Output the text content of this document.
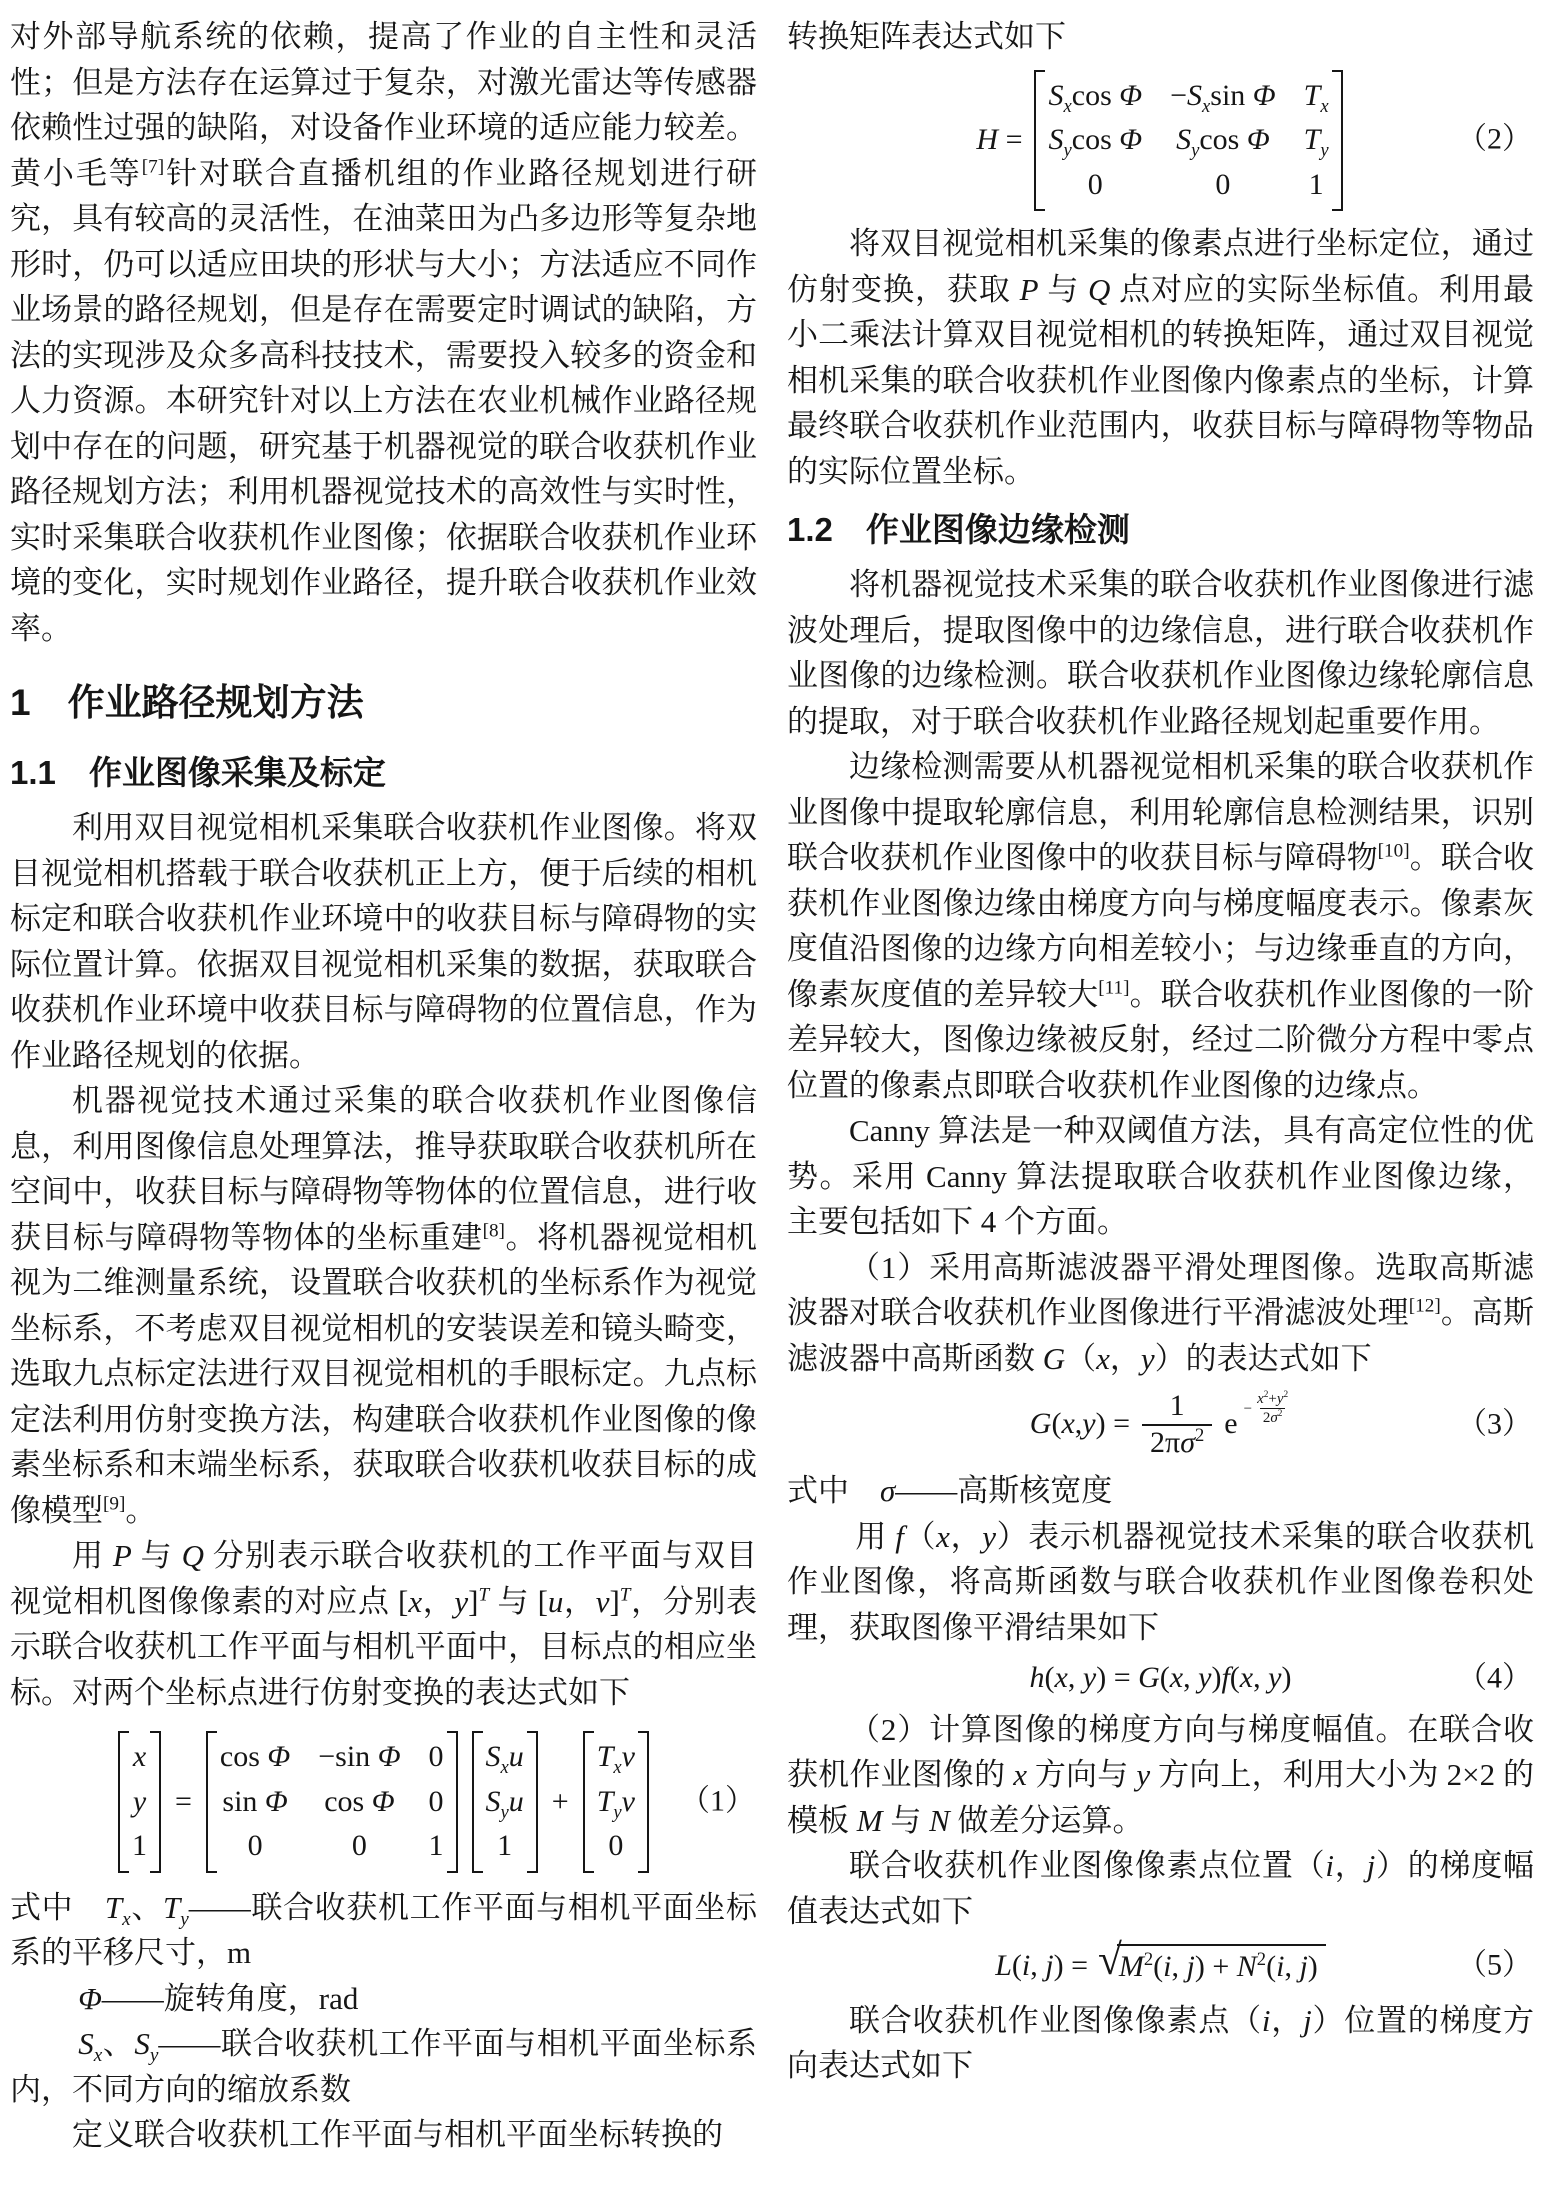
对外部导航系统的依赖，提高了作业的自主性和灵活性；但是方法存在运算过于复杂，对激光雷达等传感器依赖性过强的缺陷，对设备作业环境的适应能力较差。黄小毛等[7]针对联合直播机组的作业路径规划进行研究，具有较高的灵活性，在油菜田为凸多边形等复杂地形时，仍可以适应田块的形状与大小；方法适应不同作业场景的路径规划，但是存在需要定时调试的缺陷，方法的实现涉及众多高科技技术，需要投入较多的资金和人力资源。本研究针对以上方法在农业机械作业路径规划中存在的问题，研究基于机器视觉的联合收获机作业路径规划方法；利用机器视觉技术的高效性与实时性，实时采集联合收获机作业图像；依据联合收获机作业环境的变化，实时规划作业路径，提升联合收获机作业效率。

1　作业路径规划方法
1.1　作业图像采集及标定

利用双目视觉相机采集联合收获机作业图像。将双目视觉相机搭载于联合收获机正上方，便于后续的相机标定和联合收获机作业环境中的收获目标与障碍物的实际位置计算。依据双目视觉相机采集的数据，获取联合收获机作业环境中收获目标与障碍物的位置信息，作为作业路径规划的依据。

机器视觉技术通过采集的联合收获机作业图像信息，利用图像信息处理算法，推导获取联合收获机所在空间中，收获目标与障碍物等物体的位置信息，进行收获目标与障碍物等物体的坐标重建[8]。将机器视觉相机视为二维测量系统，设置联合收获机的坐标系作为视觉坐标系，不考虑双目视觉相机的安装误差和镜头畸变，选取九点标定法进行双目视觉相机的手眼标定。九点标定法利用仿射变换方法，构建联合收获机作业图像的像素坐标系和末端坐标系，获取联合收获机收获目标的成像模型[9]。

用 P 与 Q 分别表示联合收获机的工作平面与双目视觉相机图像像素的对应点 [x，y]$^T$ 与 [u，v]$^T$，分别表示联合收获机工作平面与相机平面中，目标点的相应坐标。对两个坐标点进行仿射变换的表达式如下

x
y
1
=
cos Φ −sin Φ 0
sin Φ cos Φ 0
0	0 1
$S_xu$
$S_yu$
1
+
$T_xv$
$T_yv$
0
（1）

式中　$T_x$、$T_y——$联合收获机工作平面与相机平面坐标系的平移尺寸，m

Φ——旋转角度，rad

$S_x$、$S_y——$联合收获机工作平面与相机平面坐标系内，不同方向的缩放系数

定义联合收获机工作平面与相机平面坐标转换的

转换矩阵表达式如下

H =
$S_x\cos$ $\Phi -S_x\sin$ Φ $T_x$
$S_y\cos$ Φ $S_y\cos$ Φ $T_y$
0	0	1
（2）

将双目视觉相机采集的像素点进行坐标定位，通过仿射变换，获取 P 与 Q 点对应的实际坐标值。利用最小二乘法计算双目视觉相机的转换矩阵，通过双目视觉相机采集的联合收获机作业图像内像素点的坐标，计算最终联合收获机作业范围内，收获目标与障碍物等物品的实际位置坐标。

1.2　作业图像边缘检测

将机器视觉技术采集的联合收获机作业图像进行滤波处理后，提取图像中的边缘信息，进行联合收获机作业图像的边缘检测。联合收获机作业图像边缘轮廓信息的提取，对于联合收获机作业路径规划起重要作用。

边缘检测需要从机器视觉相机采集的联合收获机作业图像中提取轮廓信息，利用轮廓信息检测结果，识别联合收获机作业图像中的收获目标与障碍物[10]。联合收获机作业图像边缘由梯度方向与梯度幅度表示。像素灰度值沿图像的边缘方向相差较小；与边缘垂直的方向，像素灰度值的差异较大[11]。联合收获机作业图像的一阶差异较大，图像边缘被反射，经过二阶微分方程中零点位置的像素点即联合收获机作业图像的边缘点。

Canny 算法是一种双阈值方法，具有高定位性的优势。采用 Canny 算法提取联合收获机作业图像边缘，主要包括如下 4 个方面。

（1）采用高斯滤波器平滑处理图像。选取高斯滤波器对联合收获机作业图像进行平滑滤波处理[12]。高斯滤波器中高斯函数 G（x，y）的表达式如下

$G(x,y) = \frac{1}{2\pi\sigma^2}$ $e - \frac{x^2+y^2}{2\sigma^2}$	（3）

式中　σ——高斯核宽度

用 f（x，y）表示机器视觉技术采集的联合收获机作业图像，将高斯函数与联合收获机作业图像卷积处理，获取图像平滑结果如下

h(x, y) = G(x, y)f(x, y)	（4）

（2）计算图像的梯度方向与梯度幅值。在联合收获机作业图像的 x 方向与 y 方向上，利用大小为 2×2 的模板 M 与 N 做差分运算。

联合收获机作业图像像素点位置（i，j）的梯度幅值表达式如下

L(i, j) = √
$M^2(i$, $j) + N^2(i$, j)	（5）

联合收获机作业图像像素点（i，j）位置的梯度方向表达式如下
